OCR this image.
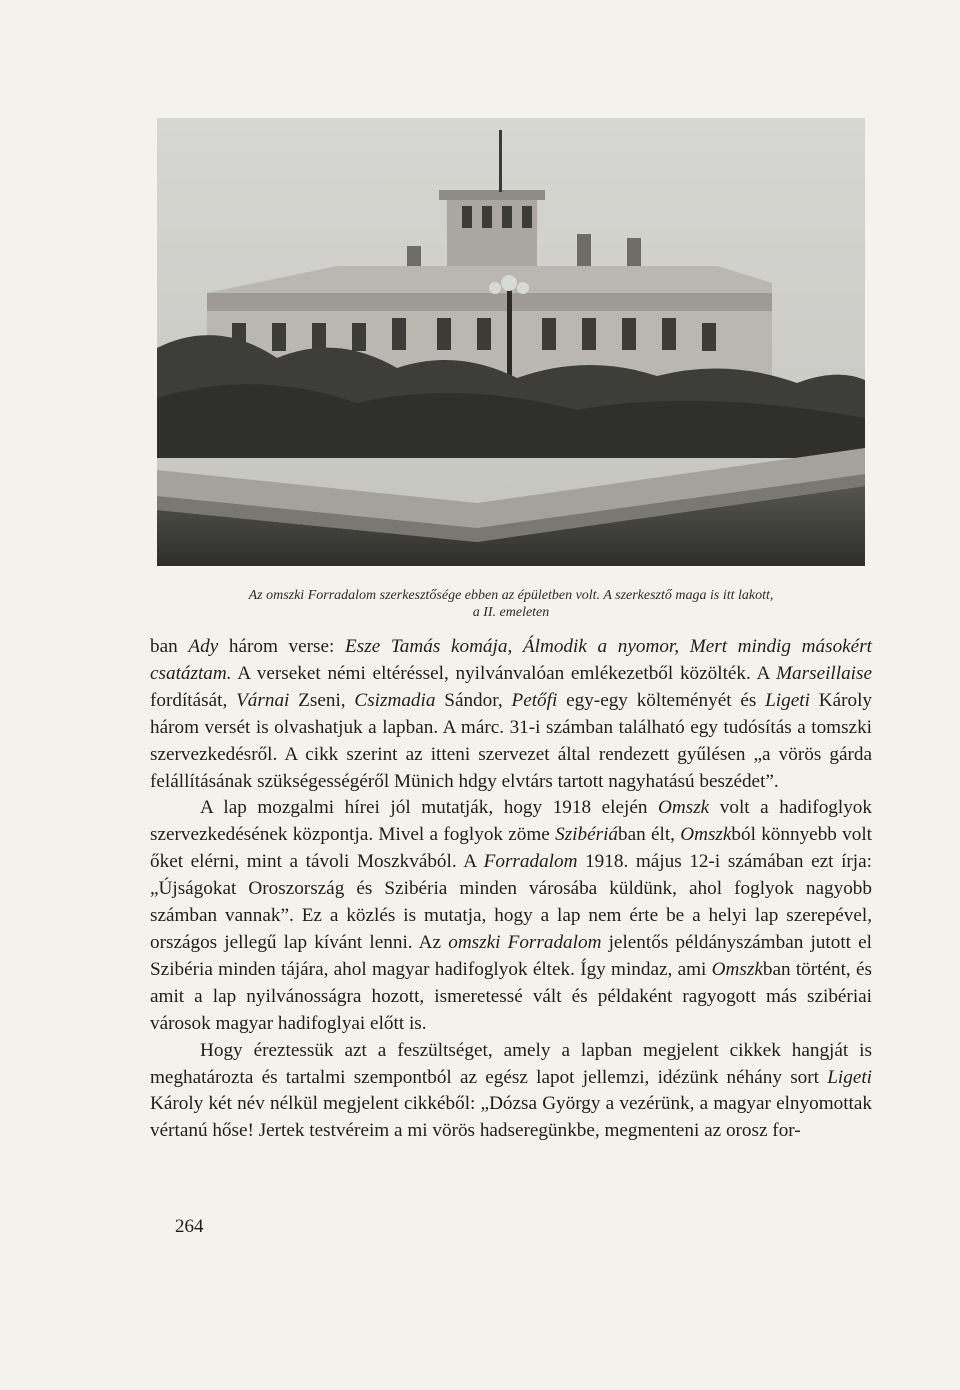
Az omszki Forradalom szerkesztősége ebben az épületben volt. A szerkesztő maga is itt lakott,
a II. emeleten

ban Ady három verse: Esze Tamás komája, Álmodik a nyomor, Mert mindig másokért csatáztam. A verseket némi eltéréssel, nyilvánvalóan emlékezetből közölték. A Marseillaise fordítását, Várnai Zseni, Csizmadia Sándor, Petőfi egy-egy költeményét és Ligeti Károly három versét is olvashatjuk a lapban. A márc. 31-i számban található egy tudósítás a tomszki szervezkedésről. A cikk szerint az itteni szervezet által rendezett gyűlésen „a vörös gárda felállításának szükségességéről Münich hdgy elvtárs tartott nagyhatású beszédet”.

A lap mozgalmi hírei jól mutatják, hogy 1918 elején Omszk volt a hadifoglyok szervezkedésének központja. Mivel a foglyok zöme Szibériában élt, Omszkból könnyebb volt őket elérni, mint a távoli Moszkvából. A Forradalom 1918. május 12-i számában ezt írja: „Újságokat Oroszország és Szibéria minden városába küldünk, ahol foglyok nagyobb számban vannak”. Ez a közlés is mutatja, hogy a lap nem érte be a helyi lap szerepével, országos jellegű lap kívánt lenni. Az omszki Forradalom jelentős példányszámban jutott el Szibéria minden tájára, ahol magyar hadifoglyok éltek. Így mindaz, ami Omszkban történt, és amit a lap nyilvánosságra hozott, ismeretessé vált és példaként ragyogott más szibériai városok magyar hadifoglyai előtt is.

Hogy éreztessük azt a feszültséget, amely a lapban megjelent cikkek hangját is meghatározta és tartalmi szempontból az egész lapot jellemzi, idézünk néhány sort Ligeti Károly két név nélkül megjelent cikkéből: „Dózsa György a vezérünk, a magyar elnyomottak vértanú hőse! Jertek testvéreim a mi vörös hadseregünkbe, megmenteni az orosz for-

264
